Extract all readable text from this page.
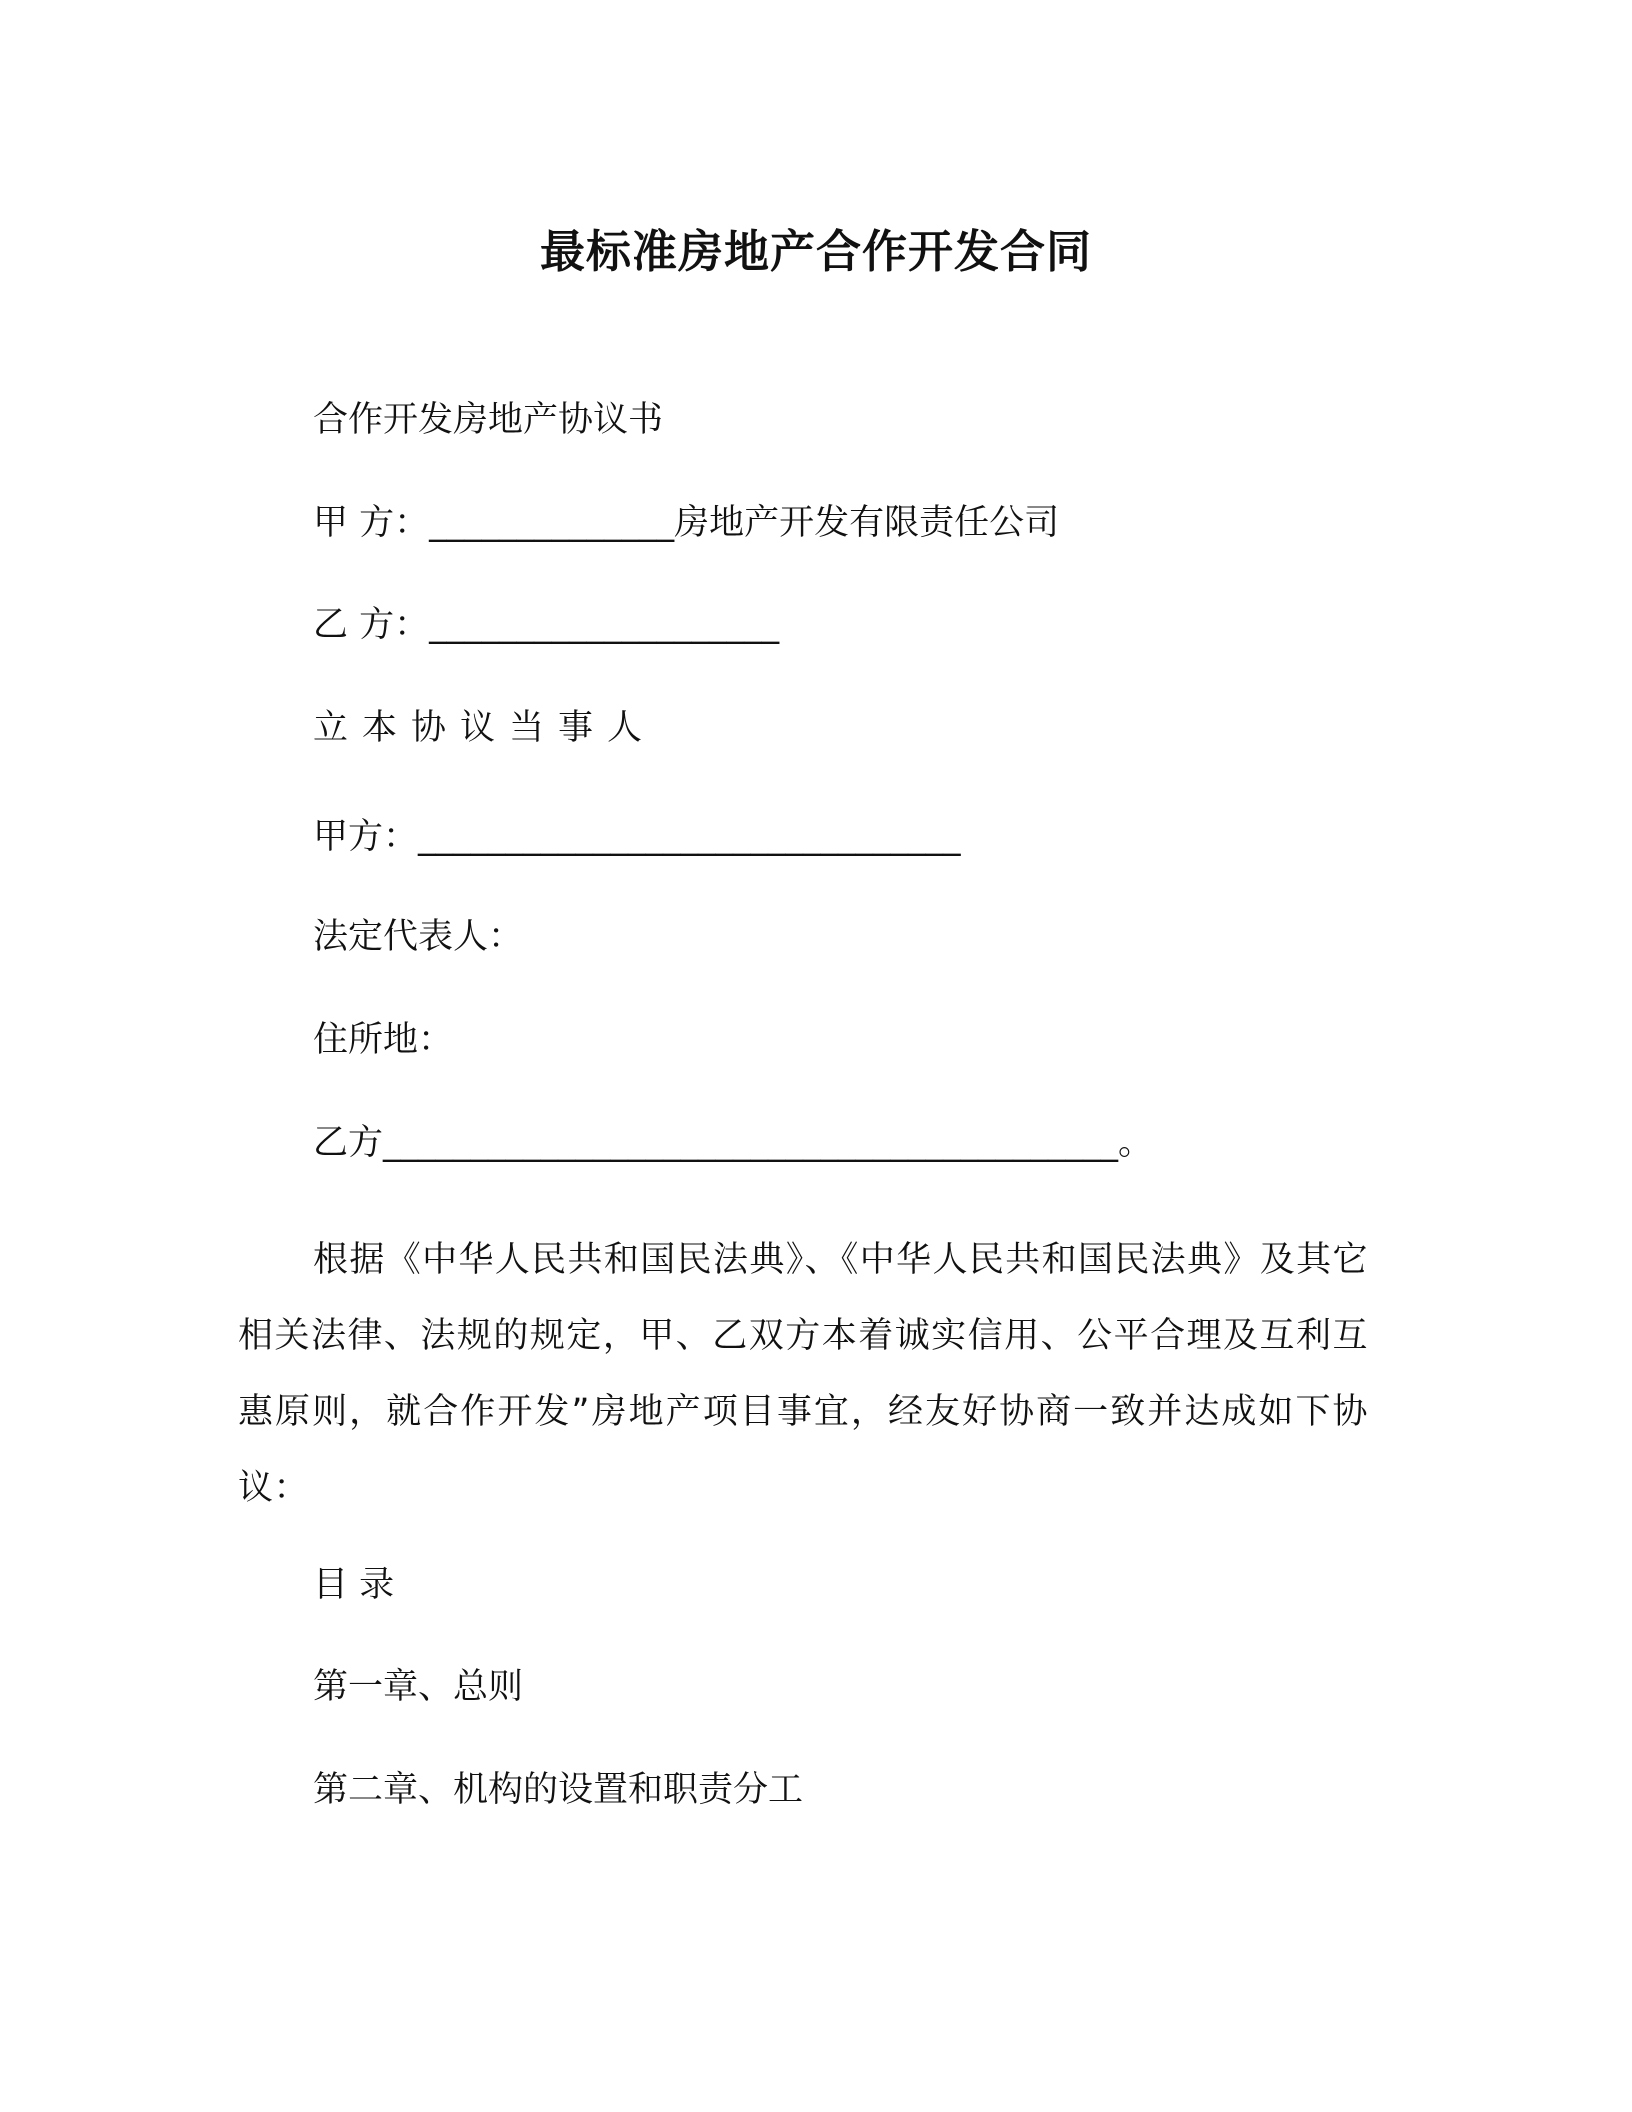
最标准房地产合作开发合同
合作开发房地产协议书
甲 方：______________房地产开发有限责任公司
乙 方：____________________
立本协议当事人
甲方：_______________________________
法定代表人：
住所地：
乙方__________________________________________。
根据《中华人民共和国民法典》、《中华人民共和国民法典》及其它相关法律、法规的规定，甲、乙双方本着诚实信用、公平合理及互利互惠原则，就合作开发”房地产项目事宜，经友好协商一致并达成如下协议：
目 录
第一章、总则
第二章、机构的设置和职责分工
